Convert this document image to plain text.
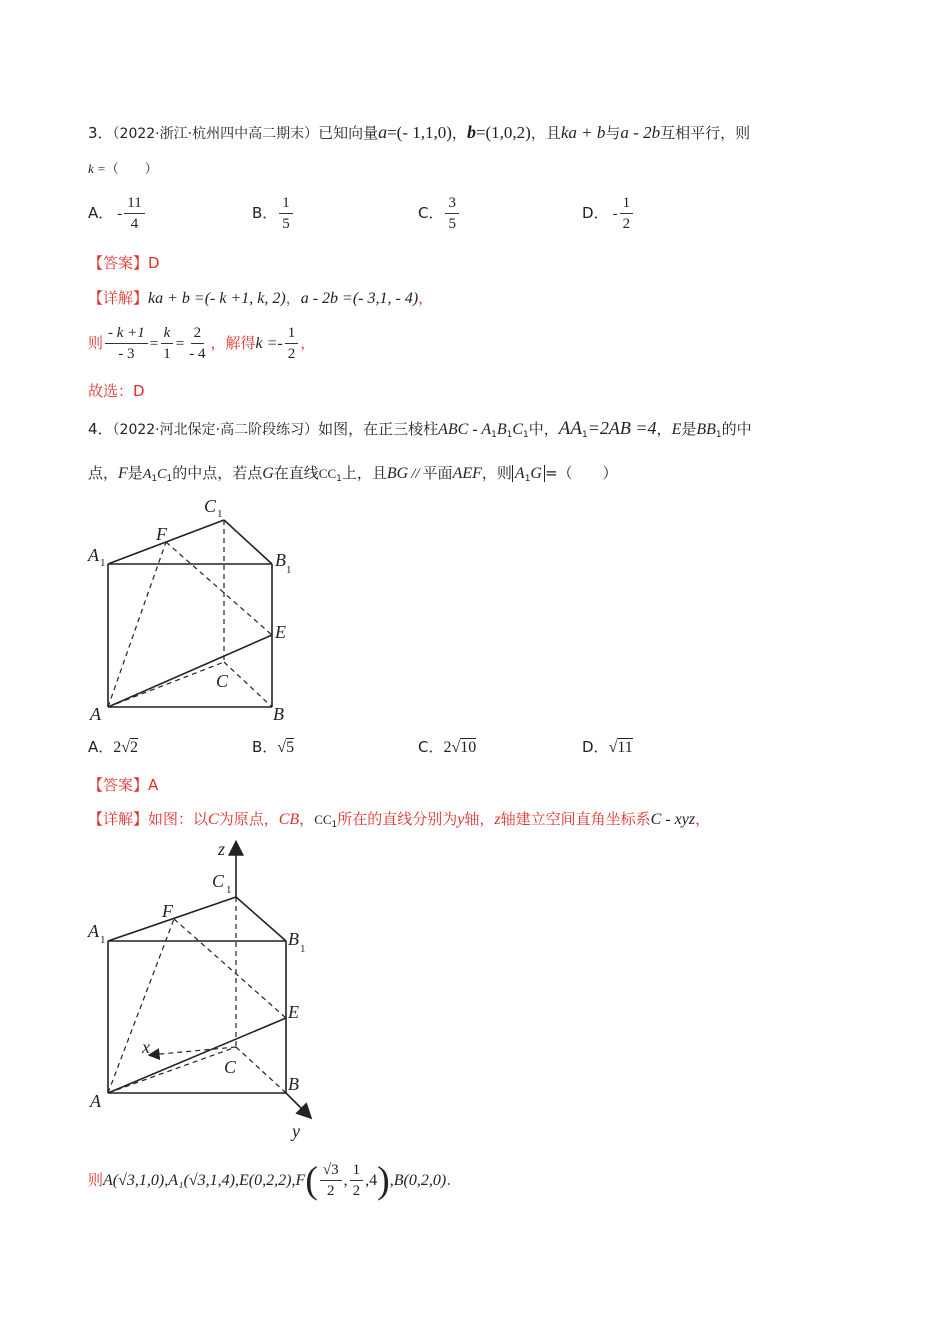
3．（2022·浙江·杭州四中高二期末）已知向量a=(- 1,1,0)，b=(1,0,2)，且ka + b与a - 2b互相平行，则
k =（　　）
A． - $\frac{11}{4}$	B． $\frac{1}{5}$	C． $\frac{3}{5}$	D． - $\frac{1}{2}$
【答案】D
【详解】ka + b =(- k +1, k, 2)，a - 2b =(- 3,1, - 4)，
则 $\frac{- k +1}{- 3} = \frac{k}{1} = \frac{2}{- 4}$ ，解得$k =- \frac{1}{2}$ ，
故选：D
4．（2022·河北保定·高二阶段练习）如图，在正三棱柱ABC - $A_1B_1C_1$中，$AA_1=2AB =4$，E是$BB_1$的中
点，F是$A_1C_1$的中点，若点G在直线$CC_1$上，且BG // 平面AEF，则 $A_1G$ =（　　）
C 1
F
A 1	B 1
E
C
A	B
A．2√2	B．√5	C．2√10	D．√11
【答案】A
【详解】如图：以C为原点，CB，$CC_1$所在的直线分别为y轴，z轴建立空间直角坐标系C - xyz，
z
C 1
F
A 1	B 1
E
x
C
B
A
y
则$A(√3,1,0),A_1(√3,1,4),E(0,2,2),F( \frac{√3}{2}$ , $\frac{1}{2} ,4),B(0,2,0)$.
